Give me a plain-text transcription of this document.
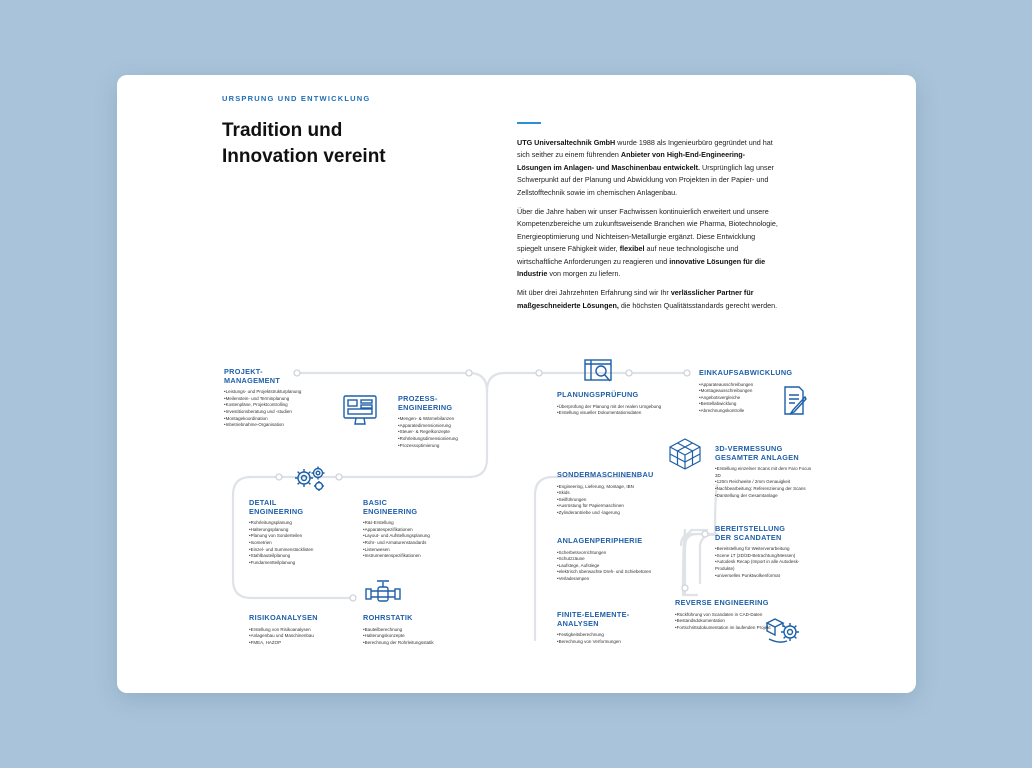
URSPRUNG UND ENTWICKLUNG
Tradition und
Innovation vereint

UTG Universaltechnik GmbH wurde 1988 als Ingenieurbüro gegründet und hat sich seither zu einem führenden Anbieter von High-End-Engineering-Lösungen im Anlagen- und Maschinenbau entwickelt. Ursprünglich lag unser Schwerpunkt auf der Planung und Abwicklung von Projekten in der Papier- und Zellstofftechnik sowie im chemischen Anlagenbau.

Über die Jahre haben wir unser Fachwissen kontinuierlich erweitert und unsere Kompetenzbereiche um zukunftsweisende Branchen wie Pharma, Biotechnologie, Energieoptimierung und Nichteisen-Metallurgie ergänzt. Diese Entwicklung spiegelt unsere Fähigkeit wider, flexibel auf neue technologische und wirtschaftliche Anforderungen zu reagieren und innovative Lösungen für die Industrie von morgen zu liefern.

Mit über drei Jahrzehnten Erfahrung sind wir Ihr verlässlicher Partner für maßgeschneiderte Lösungen, die höchsten Qualitätsstandards gerecht werden.

PROJEKT-
MANAGEMENT
• Leistungs- und Projektstrukturplanung
• Meilenstein- und Terminplanung
• Kostenpläne, Projektcontrolling
• Investitionsberatung und -studien
• Montagekoordination
• Inbetriebnahme-Organisation
PROZESS-
ENGINEERING
• Mengen- & Wärmebilanzen
• Apparatedimensionierung
• Steuer- & Regelkonzepte
• Rohrleitungsdimensionierung
• Prozessoptimierung
DETAIL
ENGINEERING
• Rohrleitungsplanung
• Halterungsplanung
• Planung von Sonderteilen
• Isometrien
• Einzel- und Summenstücklisten
• Stahlbauteilplanung
• Fundamentteilplanung
BASIC
ENGINEERING
• R&I-Erstellung
• Apparatespezifikationen
• Layout- und Aufstellungsplanung
• Rohr- und Armaturenstandards
• Listenwesen
• Instrumentenspezifikationen
RISIKOANALYSEN
• Erstellung von Risikoanalysen
• Anlagenbau und Maschinenbau
• FMEA, HAZOP
ROHRSTATIK
• Bauteilberechnung
• Halterungskonzepte
• Berechnung der Rohrleitungsstatik
PLANUNGSPRÜFUNG
• Überprüfung der Planung mit der realen Umgebung
• Erstellung visueller Dokumentationsdaten
EINKAUFSABWICKLUNG
• Apparateausschreibungen
• Montageausschreibungen
• Angebotsvergleiche
• Bestellabwicklung
• Abrechnungskontrolle
SONDERMASCHINENBAU
• Engineering, Lieferung, Montage, IBN
• Skids
• Seilführungen
• Ausrüstung für Papiermaschinen
• Zylinderantriebe und -lagerung
3D-VERMESSUNG
GESAMTER ANLAGEN
• Erstellung einzelner Scans mit dem Faro Focus 3D
• 120m Reichweite / 2mm Genauigkeit
• Nachbearbeitung: Referenzierung der Scans
• Darstellung der Gesamtanlage
ANLAGENPERIPHERIE
• Scherbetsvorrichtungen
• Schutzzäune
• Laufstege, Aufstiege
• elektrisch überwachte Dreh- und Schiebetüren
• Verladerampen
BEREITSTELLUNG
DER SCANDATEN
• Bereitstellung für Weiterverarbeitung
• Scene LT (2D/3D-Betrachtung/Messen)
• Autodesk Recap (Import in alle Autodesk-Produkte)
• universelles Punktwolkenformat
FINITE-ELEMENTE-
ANALYSEN
• Festigkeitsberechnung
• Berechnung von Verformungen
REVERSE ENGINEERING
• Rückführung von Scandaten in CAD-Daten
• Bestandsdokumentation
• Fortschrittsdokumentation im laufenden Projekt
